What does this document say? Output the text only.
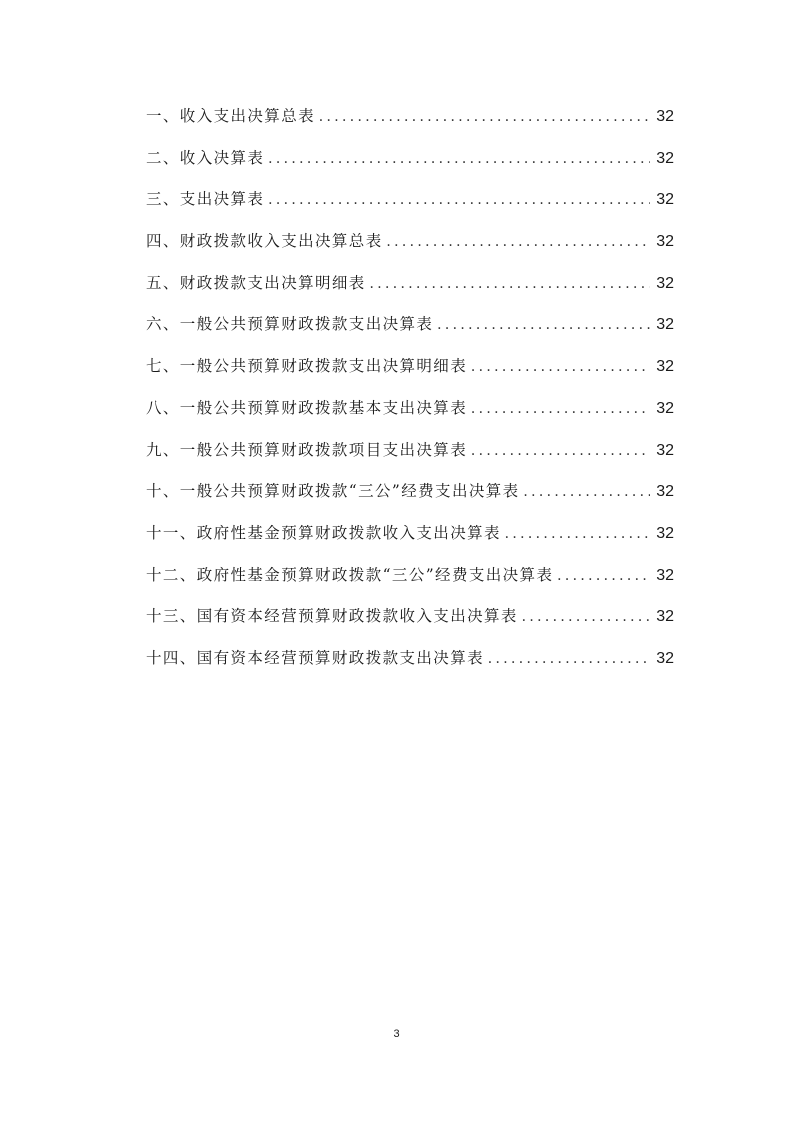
一、收入支出决算总表 . . .	32
二、收入决算表 . . .	32
三、支出决算表 . . .	32
四、财政拨款收入支出决算总表 . . .	32
五、财政拨款支出决算明细表 . . .	32
六、一般公共预算财政拨款支出决算表 . . .	32
七、一般公共预算财政拨款支出决算明细表 . . .	32
八、一般公共预算财政拨款基本支出决算表 . . .	32
九、一般公共预算财政拨款项目支出决算表 . . .	32
十、一般公共预算财政拨款“三公”经费支出决算表 . . .	32
十一、政府性基金预算财政拨款收入支出决算表 . . .	32
十二、政府性基金预算财政拨款“三公”经费支出决算表 . . .	32
十三、国有资本经营预算财政拨款收入支出决算表 . . .	32
十四、国有资本经营预算财政拨款支出决算表 . . .	32
3
